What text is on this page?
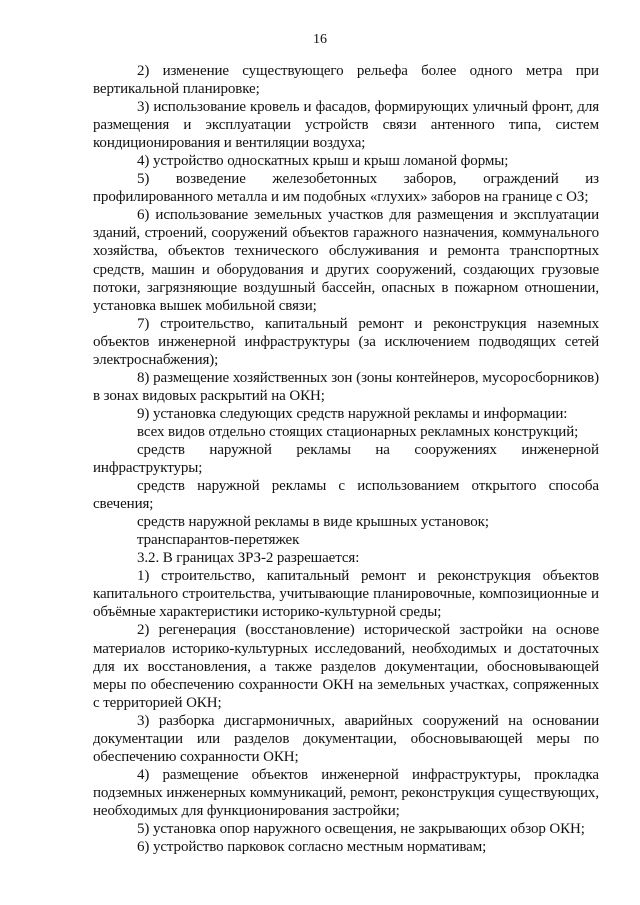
16

2) изменение существующего рельефа более одного метра при вертикальной планировке;

3) использование кровель и фасадов, формирующих уличный фронт, для размещения и эксплуатации устройств связи антенного типа, систем кондиционирования и вентиляции воздуха;

4) устройство односкатных крыш и крыш ломаной формы;

5) возведение железобетонных заборов, ограждений из профилированного металла и им подобных «глухих» заборов на границе с ОЗ;

6) использование земельных участков для размещения и эксплуатации зданий, строений, сооружений объектов гаражного назначения, коммунального хозяйства, объектов технического обслуживания и ремонта транспортных средств, машин и оборудования и других сооружений, создающих грузовые потоки, загрязняющие воздушный бассейн, опасных в пожарном отношении, установка вышек мобильной связи;

7) строительство, капитальный ремонт и реконструкция наземных объектов инженерной инфраструктуры (за исключением подводящих сетей электроснабжения);

8) размещение хозяйственных зон (зоны контейнеров, мусоросборников) в зонах видовых раскрытий на ОКН;

9) установка следующих средств наружной рекламы и информации:

всех видов отдельно стоящих стационарных рекламных конструкций;

средств наружной рекламы на сооружениях инженерной инфраструктуры;

средств наружной рекламы с использованием открытого способа свечения;

средств наружной рекламы в виде крышных установок;

транспарантов-перетяжек

3.2. В границах ЗРЗ-2 разрешается:

1) строительство, капитальный ремонт и реконструкция объектов капитального строительства, учитывающие планировочные, композиционные и объёмные характеристики историко-культурной среды;

2) регенерация (восстановление) исторической застройки на основе материалов историко-культурных исследований, необходимых и достаточных для их восстановления, а также разделов документации, обосновывающей меры по обеспечению сохранности ОКН на земельных участках, сопряженных с территорией ОКН;

3) разборка дисгармоничных, аварийных сооружений на основании документации или разделов документации, обосновывающей меры по обеспечению сохранности ОКН;

4) размещение объектов инженерной инфраструктуры, прокладка подземных инженерных коммуникаций, ремонт, реконструкция существующих, необходимых для функционирования застройки;

5) установка опор наружного освещения, не закрывающих обзор ОКН;

6) устройство парковок согласно местным нормативам;
